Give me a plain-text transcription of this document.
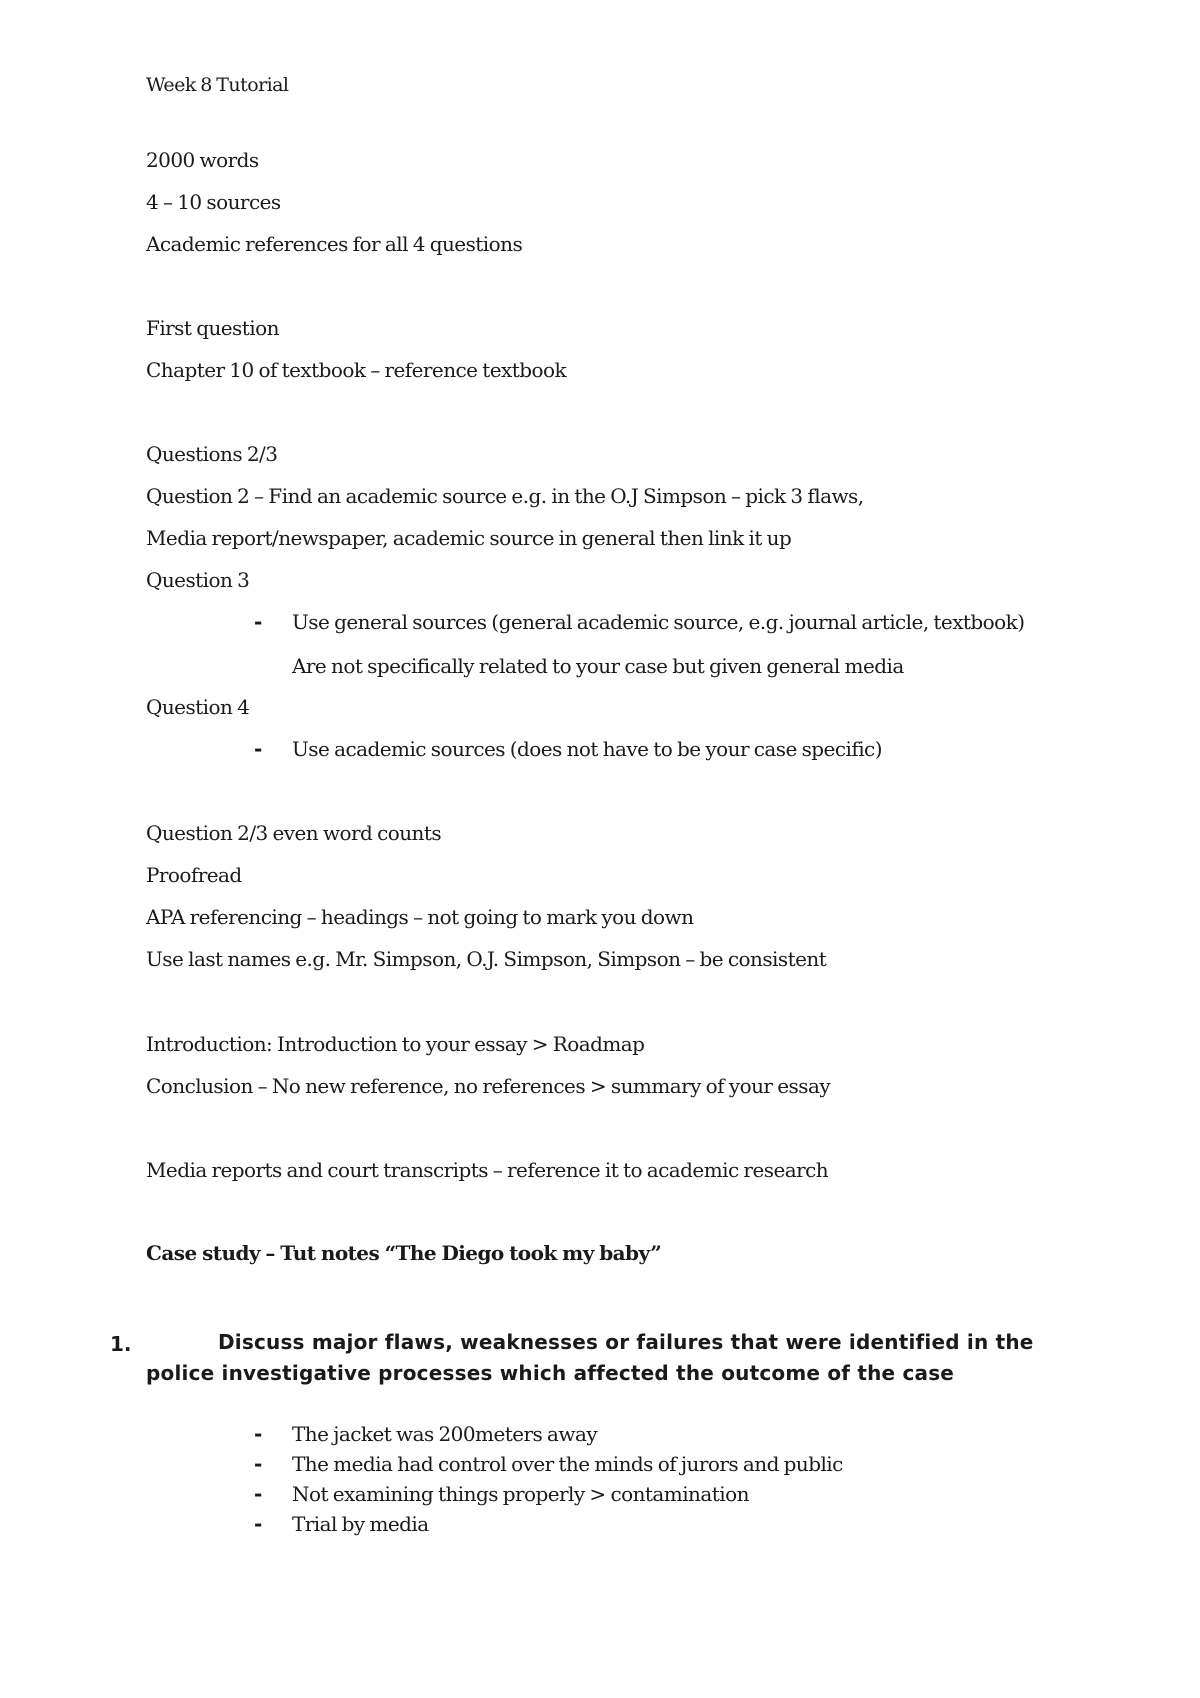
Week 8 Tutorial

2000 words

4 – 10 sources

Academic references for all 4 questions

First question

Chapter 10 of textbook – reference textbook

Questions 2/3

Question 2 – Find an academic source e.g. in the O.J Simpson – pick 3 flaws,

Media report/newspaper, academic source in general then link it up

Question 3

- Use general sources (general academic source, e.g. journal article, textbook)

Are not specifically related to your case but given general media

Question 4

- Use academic sources (does not have to be your case specific)

Question 2/3 even word counts

Proofread

APA referencing – headings – not going to mark you down

Use last names e.g. Mr. Simpson, O.J. Simpson, Simpson – be consistent

Introduction: Introduction to your essay > Roadmap

Conclusion – No new reference, no references > summary of your essay

Media reports and court transcripts – reference it to academic research

Case study – Tut notes “The Diego took my baby”

1.	Discuss major flaws, weaknesses or failures that were identified in the police investigative processes which affected the outcome of the case

- The jacket was 200meters away

- The media had control over the minds of jurors and public

- Not examining things properly > contamination

- Trial by media
